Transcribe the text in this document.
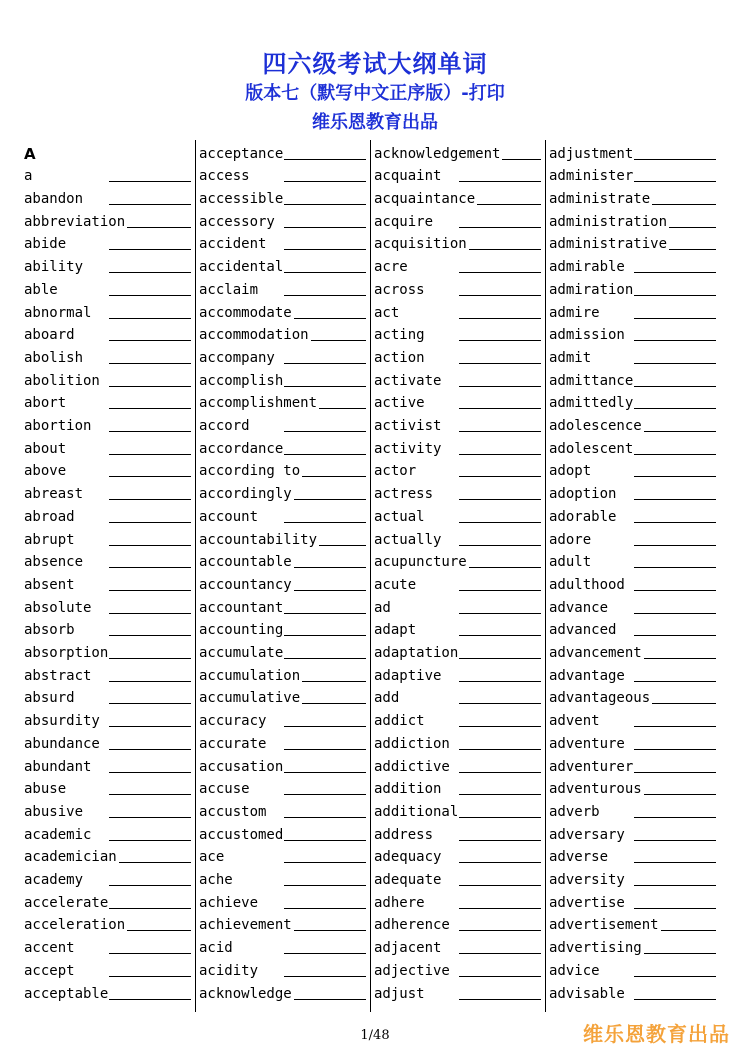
四六级考试大纲单词
版本七（默写中文正序版）-打印
维乐恩教育出品
A
a
abandon
abbreviation
abide
ability
able
abnormal
aboard
abolish
abolition
abort
abortion
about
above
abreast
abroad
abrupt
absence
absent
absolute
absorb
absorption
abstract
absurd
absurdity
abundance
abundant
abuse
abusive
academic
academician
academy
accelerate
acceleration
accent
accept
acceptable
acceptance
access
accessible
accessory
accident
accidental
acclaim
accommodate
accommodation
accompany
accomplish
accomplishment
accord
accordance
according to
accordingly
account
accountability
accountable
accountancy
accountant
accounting
accumulate
accumulation
accumulative
accuracy
accurate
accusation
accuse
accustom
accustomed
ace
ache
achieve
achievement
acid
acidity
acknowledge
acknowledgement
acquaint
acquaintance
acquire
acquisition
acre
across
act
acting
action
activate
active
activist
activity
actor
actress
actual
actually
acupuncture
acute
ad
adapt
adaptation
adaptive
add
addict
addiction
addictive
addition
additional
address
adequacy
adequate
adhere
adherence
adjacent
adjective
adjust
adjustment
administer
administrate
administration
administrative
admirable
admiration
admire
admission
admit
admittance
admittedly
adolescence
adolescent
adopt
adoption
adorable
adore
adult
adulthood
advance
advanced
advancement
advantage
advantageous
advent
adventure
adventurer
adventurous
adverb
adversary
adverse
adversity
advertise
advertisement
advertising
advice
advisable
1/48	维乐恩教育出品
